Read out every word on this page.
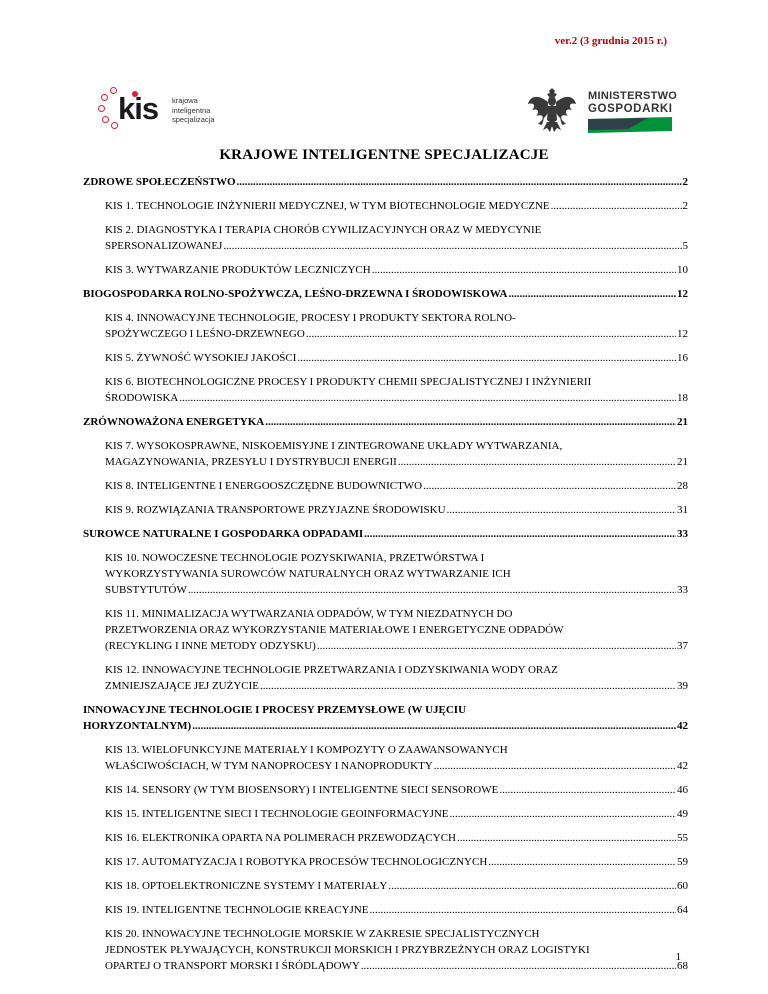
ver.2 (3 grudnia 2015 r.)
kis krajowa
inteligentna
specjalizacja
MINISTERSTWO
GOSPODARKI
KRAJOWE INTELIGENTNE SPECJALIZACJE
ZDROWE SPOŁECZEŃSTWO .....	2
KIS 1. TECHNOLOGIE INŻYNIERII MEDYCZNEJ, W TYM BIOTECHNOLOGIE MEDYCZNE .....	2
KIS 2. DIAGNOSTYKA I TERAPIA CHORÓB CYWILIZACYJNYCH ORAZ W MEDYCYNIE
SPERSONALIZOWANEJ .....	5
KIS 3. WYTWARZANIE PRODUKTÓW LECZNICZYCH .....	10
BIOGOSPODARKA ROLNO-SPOŻYWCZA, LEŚNO-DRZEWNA I ŚRODOWISKOWA .....	12
KIS 4. INNOWACYJNE TECHNOLOGIE, PROCESY I PRODUKTY SEKTORA ROLNO-
SPOŻYWCZEGO I LEŚNO-DRZEWNEGO .....	12
KIS 5. ŻYWNOŚĆ WYSOKIEJ JAKOŚCI .....	16
KIS 6. BIOTECHNOLOGICZNE PROCESY I PRODUKTY CHEMII SPECJALISTYCZNEJ I INŻYNIERII
ŚRODOWISKA .....	18
ZRÓWNOWAŻONA ENERGETYKA .....	21
KIS 7. WYSOKOSPRAWNE, NISKOEMISYJNE I ZINTEGROWANE UKŁADY WYTWARZANIA,
MAGAZYNOWANIA, PRZESYŁU I DYSTRYBUCJI ENERGII .....	21
KIS 8. INTELIGENTNE I ENERGOOSZCZĘDNE BUDOWNICTWO .....	28
KIS 9. ROZWIĄZANIA TRANSPORTOWE PRZYJAZNE ŚRODOWISKU .....	31
SUROWCE NATURALNE I GOSPODARKA ODPADAMI .....	33
KIS 10. NOWOCZESNE TECHNOLOGIE POZYSKIWANIA, PRZETWÓRSTWA I
WYKORZYSTYWANIA SUROWCÓW NATURALNYCH ORAZ WYTWARZANIE ICH
SUBSTYTUTÓW .....	33
KIS 11. MINIMALIZACJA WYTWARZANIA ODPADÓW, W TYM NIEZDATNYCH DO
PRZETWORZENIA ORAZ WYKORZYSTANIE MATERIAŁOWE I ENERGETYCZNE ODPADÓW
(RECYKLING I INNE METODY ODZYSKU) .....	37
KIS 12. INNOWACYJNE TECHNOLOGIE PRZETWARZANIA I ODZYSKIWANIA WODY ORAZ
ZMNIEJSZAJĄCE JEJ ZUŻYCIE .....	39
INNOWACYJNE TECHNOLOGIE I PROCESY PRZEMYSŁOWE (W UJĘCIU
HORYZONTALNYM) .....	42
KIS 13. WIELOFUNKCYJNE MATERIAŁY I KOMPOZYTY O ZAAWANSOWANYCH
WŁAŚCIWOŚCIACH, W TYM NANOPROCESY I NANOPRODUKTY .....	42
KIS 14. SENSORY (W TYM BIOSENSORY) I INTELIGENTNE SIECI SENSOROWE .....	46
KIS 15. INTELIGENTNE SIECI I TECHNOLOGIE GEOINFORMACYJNE .....	49
KIS 16. ELEKTRONIKA OPARTA NA POLIMERACH PRZEWODZĄCYCH .....	55
KIS 17. AUTOMATYZACJA I ROBOTYKA PROCESÓW TECHNOLOGICZNYCH .....	59
KIS 18. OPTOELEKTRONICZNE SYSTEMY I MATERIAŁY .....	60
KIS 19. INTELIGENTNE TECHNOLOGIE KREACYJNE .....	64
KIS 20. INNOWACYJNE TECHNOLOGIE MORSKIE W ZAKRESIE SPECJALISTYCZNYCH
JEDNOSTEK PŁYWAJĄCYCH, KONSTRUKCJI MORSKICH I PRZYBRZEŻNYCH ORAZ LOGISTYKI
OPARTEJ O TRANSPORT MORSKI I ŚRÓDLĄDOWY .....	68
1
